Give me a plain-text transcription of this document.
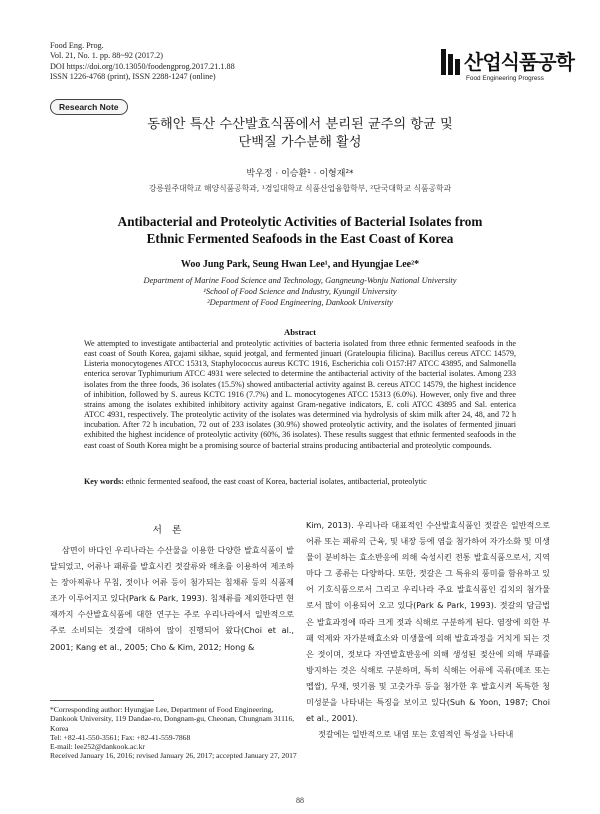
Food Eng. Prog.
Vol. 21, No. 1. pp. 88~92 (2017.2)
DOI https://doi.org/10.13050/foodengprog.2017.21.1.88
ISSN 1226-4768 (print), ISSN 2288-1247 (online)
산업식품공학
Food Engineering Progress
Research Note
동해안 특산 수산발효식품에서 분리된 균주의 항균 및
단백질 가수분해 활성
박우정 · 이승환¹ · 이형재²*
강릉원주대학교 해양식품공학과, ¹경일대학교 식품산업융합학부, ²단국대학교 식품공학과
Antibacterial and Proteolytic Activities of Bacterial Isolates from
Ethnic Fermented Seafoods in the East Coast of Korea
Woo Jung Park, Seung Hwan Lee¹, and Hyungjae Lee²*
Department of Marine Food Science and Technology, Gangneung-Wonju National University
¹School of Food Science and Industry, Kyungil University
²Department of Food Engineering, Dankook University
Abstract
We attempted to investigate antibacterial and proteolytic activities of bacteria isolated from three ethnic fermented seafoods in the east coast of South Korea, gajami sikhae, squid jeotgal, and fermented jinuari (Grateloupia filicina). Bacillus cereus ATCC 14579, Listeria monocytogenes ATCC 15313, Staphylococcus aureus KCTC 1916, Escherichia coli O157:H7 ATCC 43895, and Salmonella enterica serovar Typhimurium ATCC 4931 were selected to determine the antibacterial activity of the bacterial isolates. Among 233 isolates from the three foods, 36 isolates (15.5%) showed antibacterial activity against B. cereus ATCC 14579, the highest incidence of inhibition, followed by S. aureus KCTC 1916 (7.7%) and L. monocytogenes ATCC 15313 (6.0%). However, only five and three strains among the isolates exhibited inhibitory activity against Gram-negative indicators, E. coli ATCC 43895 and Sal. enterica ATCC 4931, respectively. The proteolytic activity of the isolates was determined via hydrolysis of skim milk after 24, 48, and 72 h incubation. After 72 h incubation, 72 out of 233 isolates (30.9%) showed proteolytic activity, and the isolates of fermented jinuari exhibited the highest incidence of proteolytic activity (60%, 36 isolates). These results suggest that ethnic fermented seafoods in the east coast of South Korea might be a promising source of bacterial strains producing antibacterial and proteolytic compounds.
Key words: ethnic fermented seafood, the east coast of Korea, bacterial isolates, antibacterial, proteolytic
서론

삼면이 바다인 우리나라는 수산물을 이용한 다양한 발효식품이 발달되었고, 어류나 패류를 발효시킨 젓갈류와 해초를 이용하여 제조하는 장아찌류나 무침, 젓이나 어류 등이 첨가되는 침채류 등의 식품제조가 이루어지고 있다(Park & Park, 1993). 침채류를 제외한다면 현재까지 수산발효식품에 대한 연구는 주로 우리나라에서 일반적으로 주로 소비되는 젓갈에 대하여 많이 진행되어 왔다(Choi et al., 2001; Kang et al., 2005; Cho & Kim, 2012; Hong &

Kim, 2013). 우리나라 대표적인 수산발효식품인 젓갈은 일반적으로 어류 또는 패류의 근육, 및 내장 등에 염을 첨가하여 자가소화 및 미생물이 분비하는 효소반응에 의해 숙성시킨 전통 발효식품으로서, 지역마다 그 종류는 다양하다. 또한, 젓갈은 그 특유의 풍미를 함유하고 있어 기호식품으로서 그리고 우리나라 주요 발효식품인 김치의 첨가물로서 많이 이용되어 오고 있다(Park & Park, 1993). 젓갈의 담금법은 발효과정에 따라 크게 젓과 식해로 구분하게 된다. 염장에 의한 부패 억제와 자가분해효소와 미생물에 의해 발효과정을 거치게 되는 것은 젓이며, 젓보다 자연발효반응에 의해 생성된 젖산에 의해 부패를 방지하는 것은 식해로 구분하며, 특히 식해는 어류에 곡류(메조 또는 멥쌀), 무채, 엿기름 및 고춧가루 등을 첨가한 후 발효시켜 독특한 청미성분을 나타내는 특징을 보이고 있다(Suh & Yoon, 1987; Choi et al., 2001).

젓갈에는 일반적으로 내염 또는 호염적인 특성을 나타내

*Corresponding author: Hyungjae Lee, Department of Food Engineering, Dankook University, 119 Dandae-ro, Dongnam-gu, Cheonan, Chungnam 31116, Korea
Tel: +82-41-550-3561; Fax: +82-41-559-7868
E-mail: lee252@dankook.ac.kr
Received January 16, 2016; revised January 26, 2017; accepted January 27, 2017
88
